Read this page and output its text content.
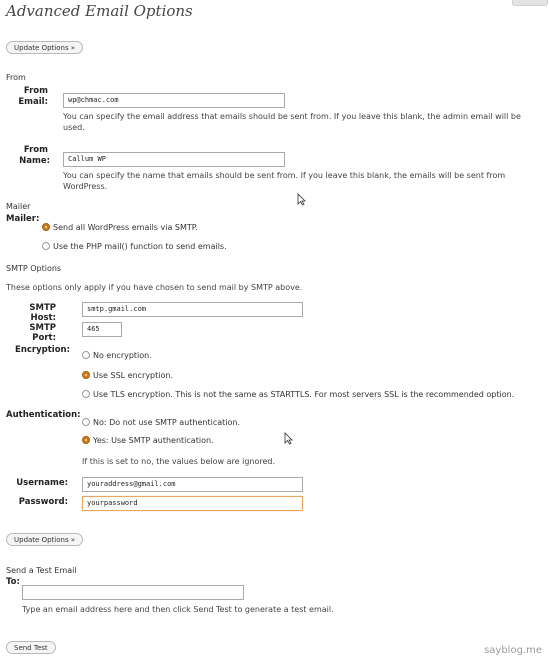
Advanced Email Options
Update Options »
From
From
Email:	wp@chmac.com
You can specify the email address that emails should be sent from. If you leave this blank, the admin email will be
used.
From
Name:	Callum WP
You can specify the name that emails should be sent from. If you leave this blank, the emails will be sent from
WordPress.
Mailer
Mailer:
Send all WordPress emails via SMTP.
Use the PHP mail() function to send emails.
SMTP Options
These options only apply if you have chosen to send mail by SMTP above.
SMTP Host:
smtp.gmail.com
SMTP Port:
465
Encryption:
No encryption.
Use SSL encryption.
Use TLS encryption. This is not the same as STARTTLS. For most servers SSL is the recommended option.
Authentication:
No: Do not use SMTP authentication.
Yes: Use SMTP authentication.
If this is set to no, the values below are ignored.
Username:	youraddress@gmail.com
Password:	yourpassword
Update Options »
Send a Test Email
To:
Type an email address here and then click Send Test to generate a test email.
Send Test	sayblog.me
